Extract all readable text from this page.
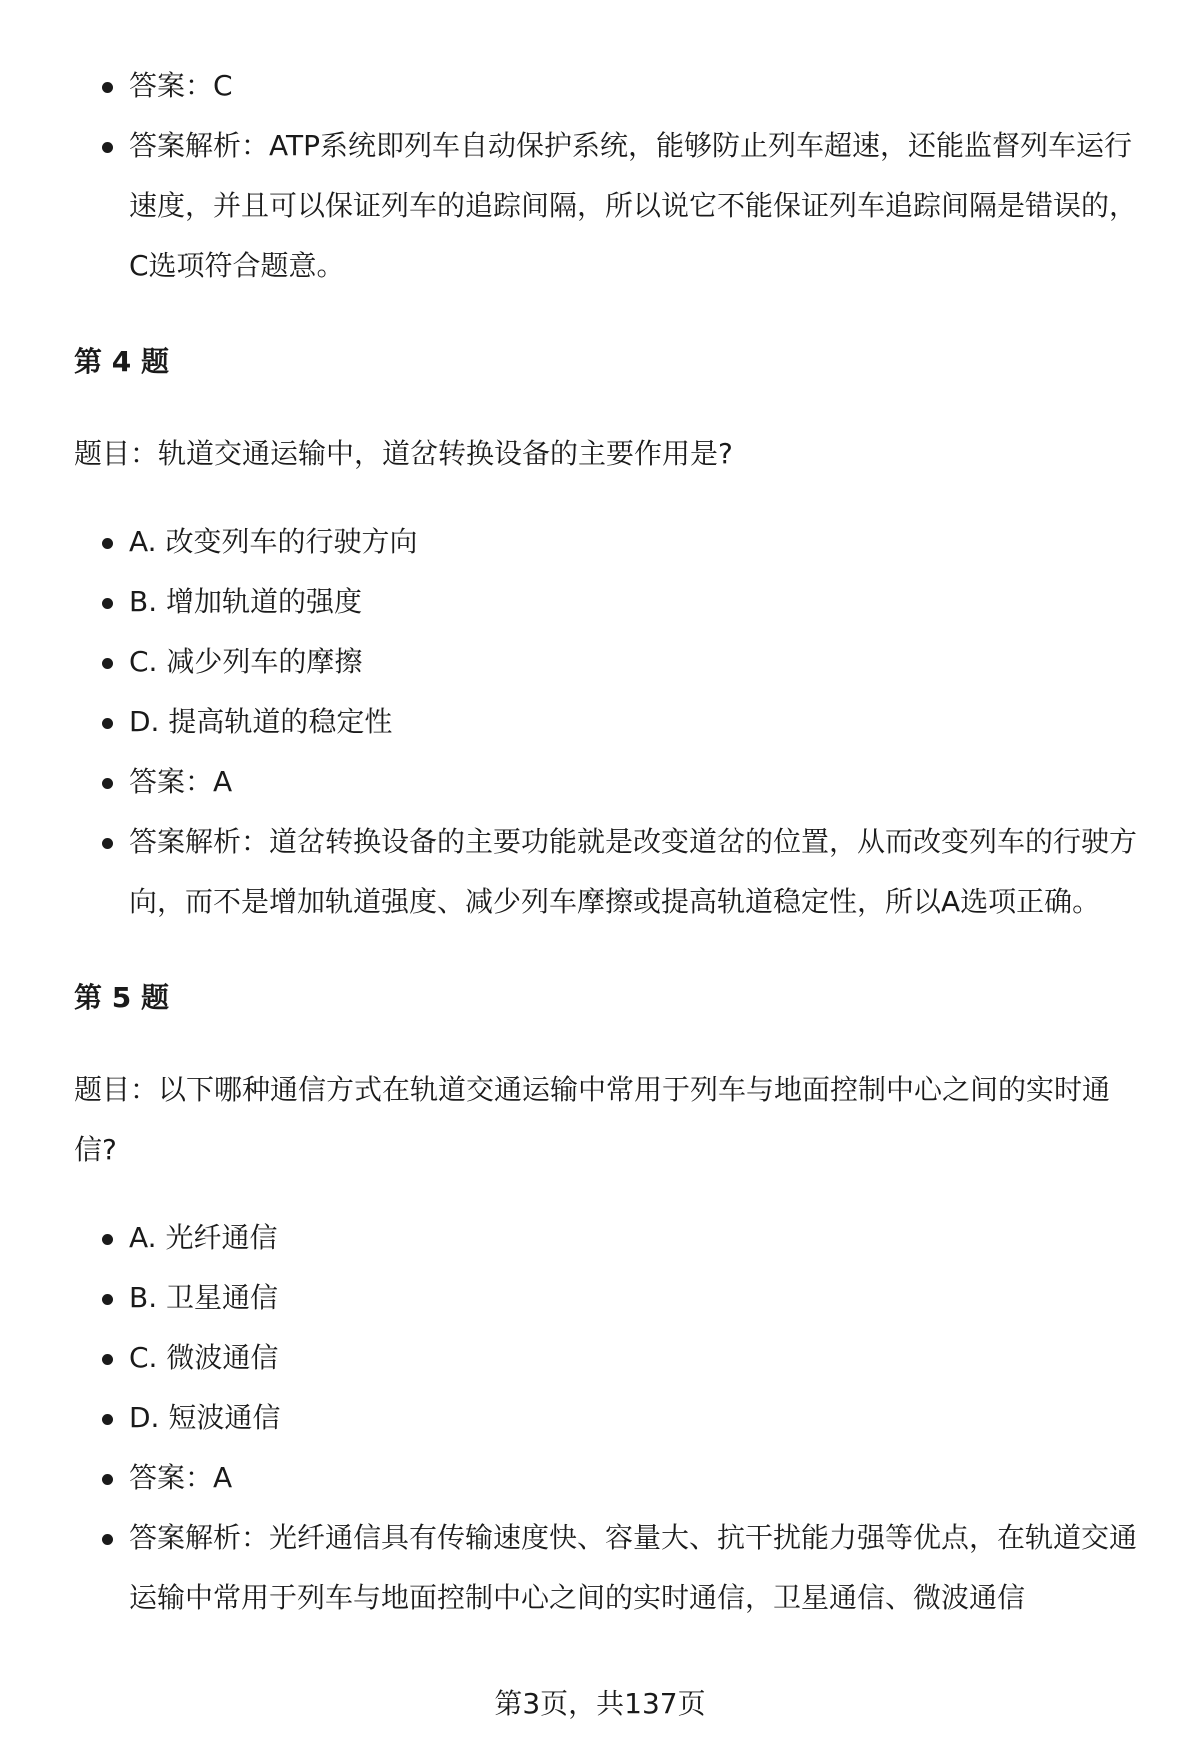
答案：C
答案解析：ATP系统即列车自动保护系统，能够防止列车超速，还能监督列车运行速度，并且可以保证列车的追踪间隔，所以说它不能保证列车追踪间隔是错误的，C选项符合题意。
第 4 题

题目：轨道交通运输中，道岔转换设备的主要作用是?

A. 改变列车的行驶方向
B. 增加轨道的强度
C. 减少列车的摩擦
D. 提高轨道的稳定性
答案：A
答案解析：道岔转换设备的主要功能就是改变道岔的位置，从而改变列车的行驶方向，而不是增加轨道强度、减少列车摩擦或提高轨道稳定性，所以A选项正确。
第 5 题

题目：以下哪种通信方式在轨道交通运输中常用于列车与地面控制中心之间的实时通信?

A. 光纤通信
B. 卫星通信
C. 微波通信
D. 短波通信
答案：A
答案解析：光纤通信具有传输速度快、容量大、抗干扰能力强等优点，在轨道交通运输中常用于列车与地面控制中心之间的实时通信，卫星通信、微波通信
第3页，共137页
